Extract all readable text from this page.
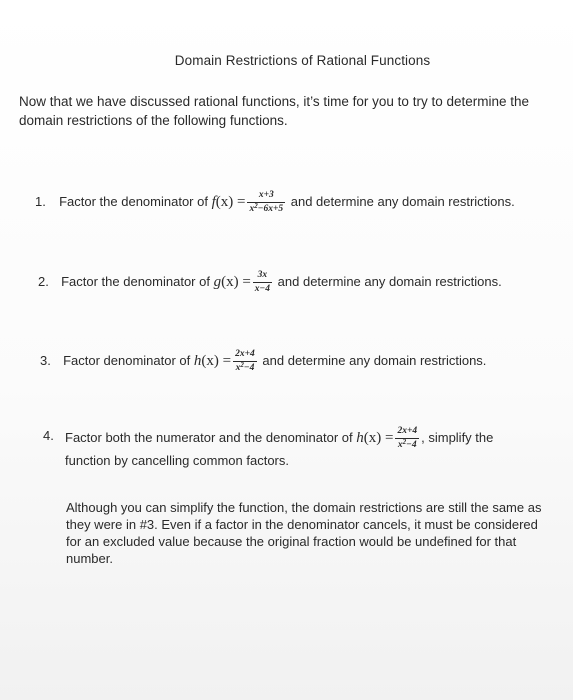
Domain Restrictions of Rational Functions
Now that we have discussed rational functions, it’s time for you to try to determine the domain restrictions of the following functions.
1. Factor the denominator of $f(x) = \frac{x+3}{x^2-6x+5}$ and determine any domain restrictions.
2. Factor the denominator of $g(x) = \frac{3x}{x-4}$ and determine any domain restrictions.
3. Factor denominator of $h(x) = \frac{2x+4}{x^2-4}$ and determine any domain restrictions.
4. Factor both the numerator and the denominator of $h(x) = \frac{2x+4}{x^2-4}$ , simplify the function by cancelling common factors.
Although you can simplify the function, the domain restrictions are still the same as they were in #3. Even if a factor in the denominator cancels, it must be considered for an excluded value because the original fraction would be undefined for that number.
